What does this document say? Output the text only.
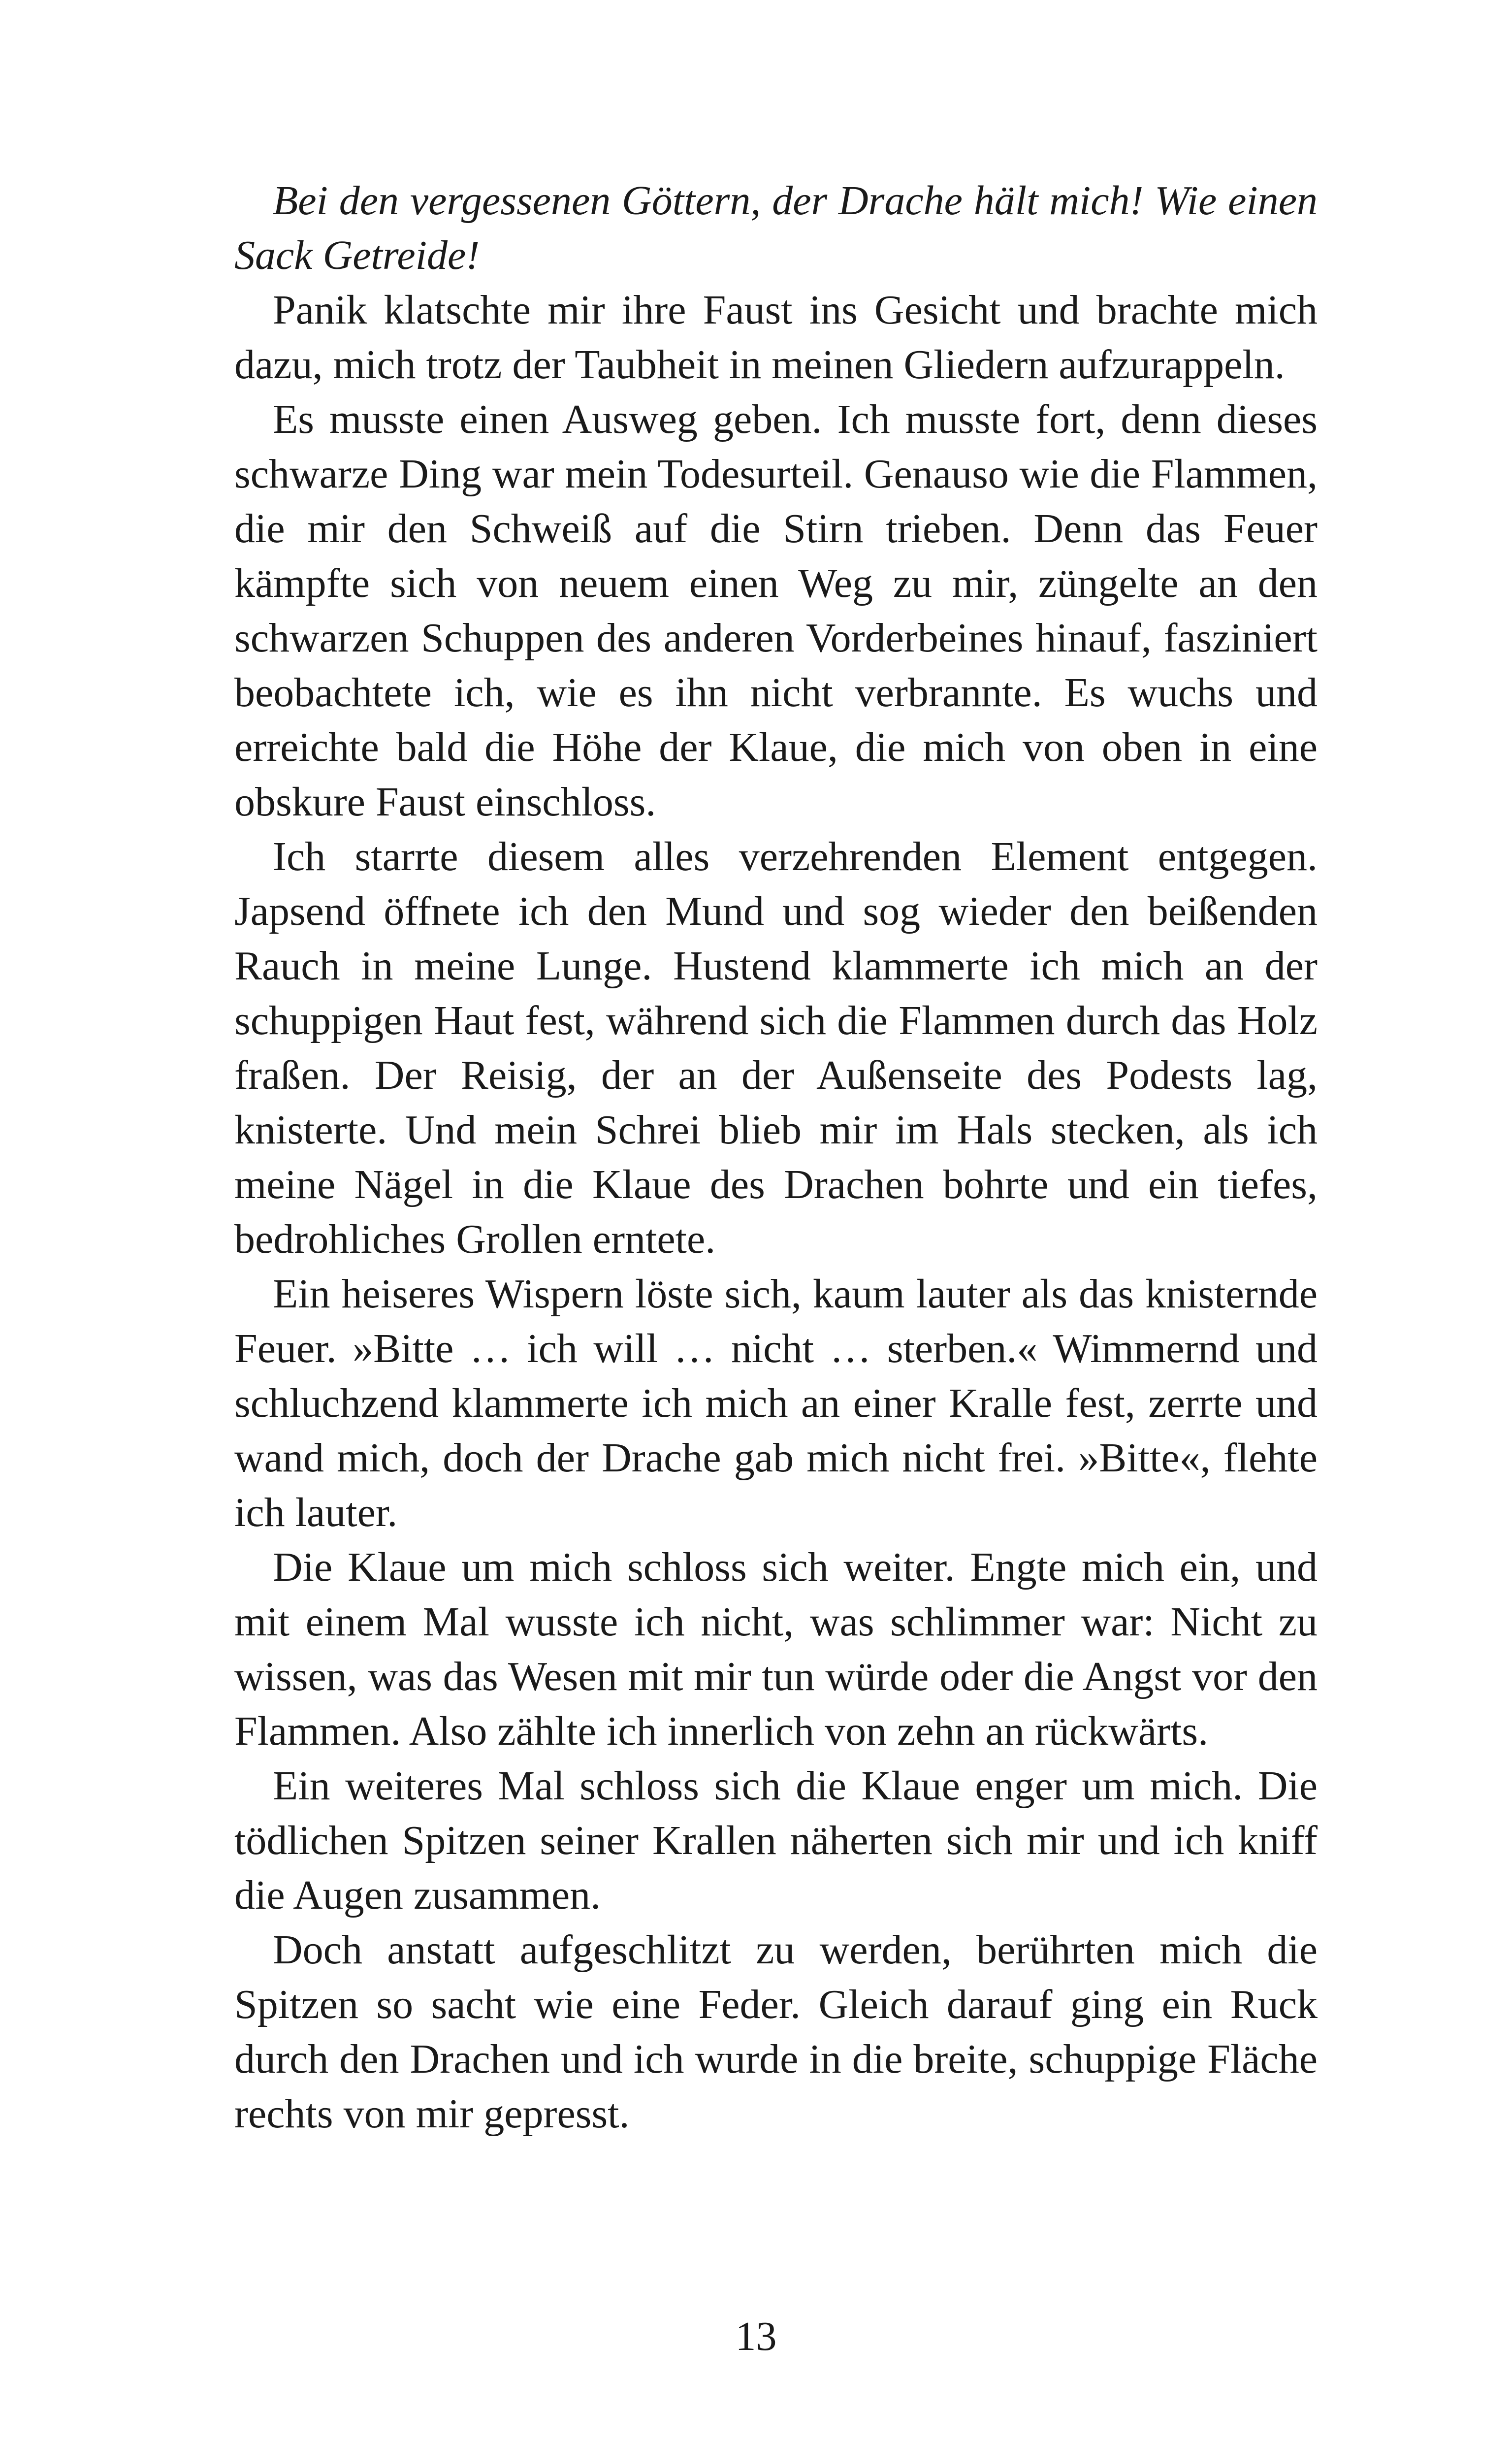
Bei den vergessenen Göttern, der Drache hält mich! Wie einen Sack Getreide!

Panik klatschte mir ihre Faust ins Gesicht und brachte mich dazu, mich trotz der Taubheit in meinen Gliedern aufzurappeln.

Es musste einen Ausweg geben. Ich musste fort, denn dieses schwarze Ding war mein Todesurteil. Genauso wie die Flammen, die mir den Schweiß auf die Stirn trieben. Denn das Feuer kämpfte sich von neuem einen Weg zu mir, züngelte an den schwarzen Schuppen des anderen Vorderbeines hinauf, fasziniert beobachtete ich, wie es ihn nicht verbrannte. Es wuchs und erreichte bald die Höhe der Klaue, die mich von oben in eine obskure Faust einschloss.

Ich starrte diesem alles verzehrenden Element entgegen. Japsend öffnete ich den Mund und sog wieder den beißenden Rauch in meine Lunge. Hustend klammerte ich mich an der schuppigen Haut fest, während sich die Flammen durch das Holz fraßen. Der Reisig, der an der Außenseite des Podests lag, knisterte. Und mein Schrei blieb mir im Hals stecken, als ich meine Nägel in die Klaue des Drachen bohrte und ein tiefes, bedrohliches Grollen erntete.

Ein heiseres Wispern löste sich, kaum lauter als das knisternde Feuer. »Bitte … ich will … nicht … sterben.« Wimmernd und schluchzend klammerte ich mich an einer Kralle fest, zerrte und wand mich, doch der Drache gab mich nicht frei. »Bitte«, flehte ich lauter.

Die Klaue um mich schloss sich weiter. Engte mich ein, und mit einem Mal wusste ich nicht, was schlimmer war: Nicht zu wissen, was das Wesen mit mir tun würde oder die Angst vor den Flammen. Also zählte ich innerlich von zehn an rückwärts.

Ein weiteres Mal schloss sich die Klaue enger um mich. Die tödlichen Spitzen seiner Krallen näherten sich mir und ich kniff die Augen zusammen.

Doch anstatt aufgeschlitzt zu werden, berührten mich die Spitzen so sacht wie eine Feder. Gleich darauf ging ein Ruck durch den Drachen und ich wurde in die breite, schuppige Fläche rechts von mir gepresst.

13
